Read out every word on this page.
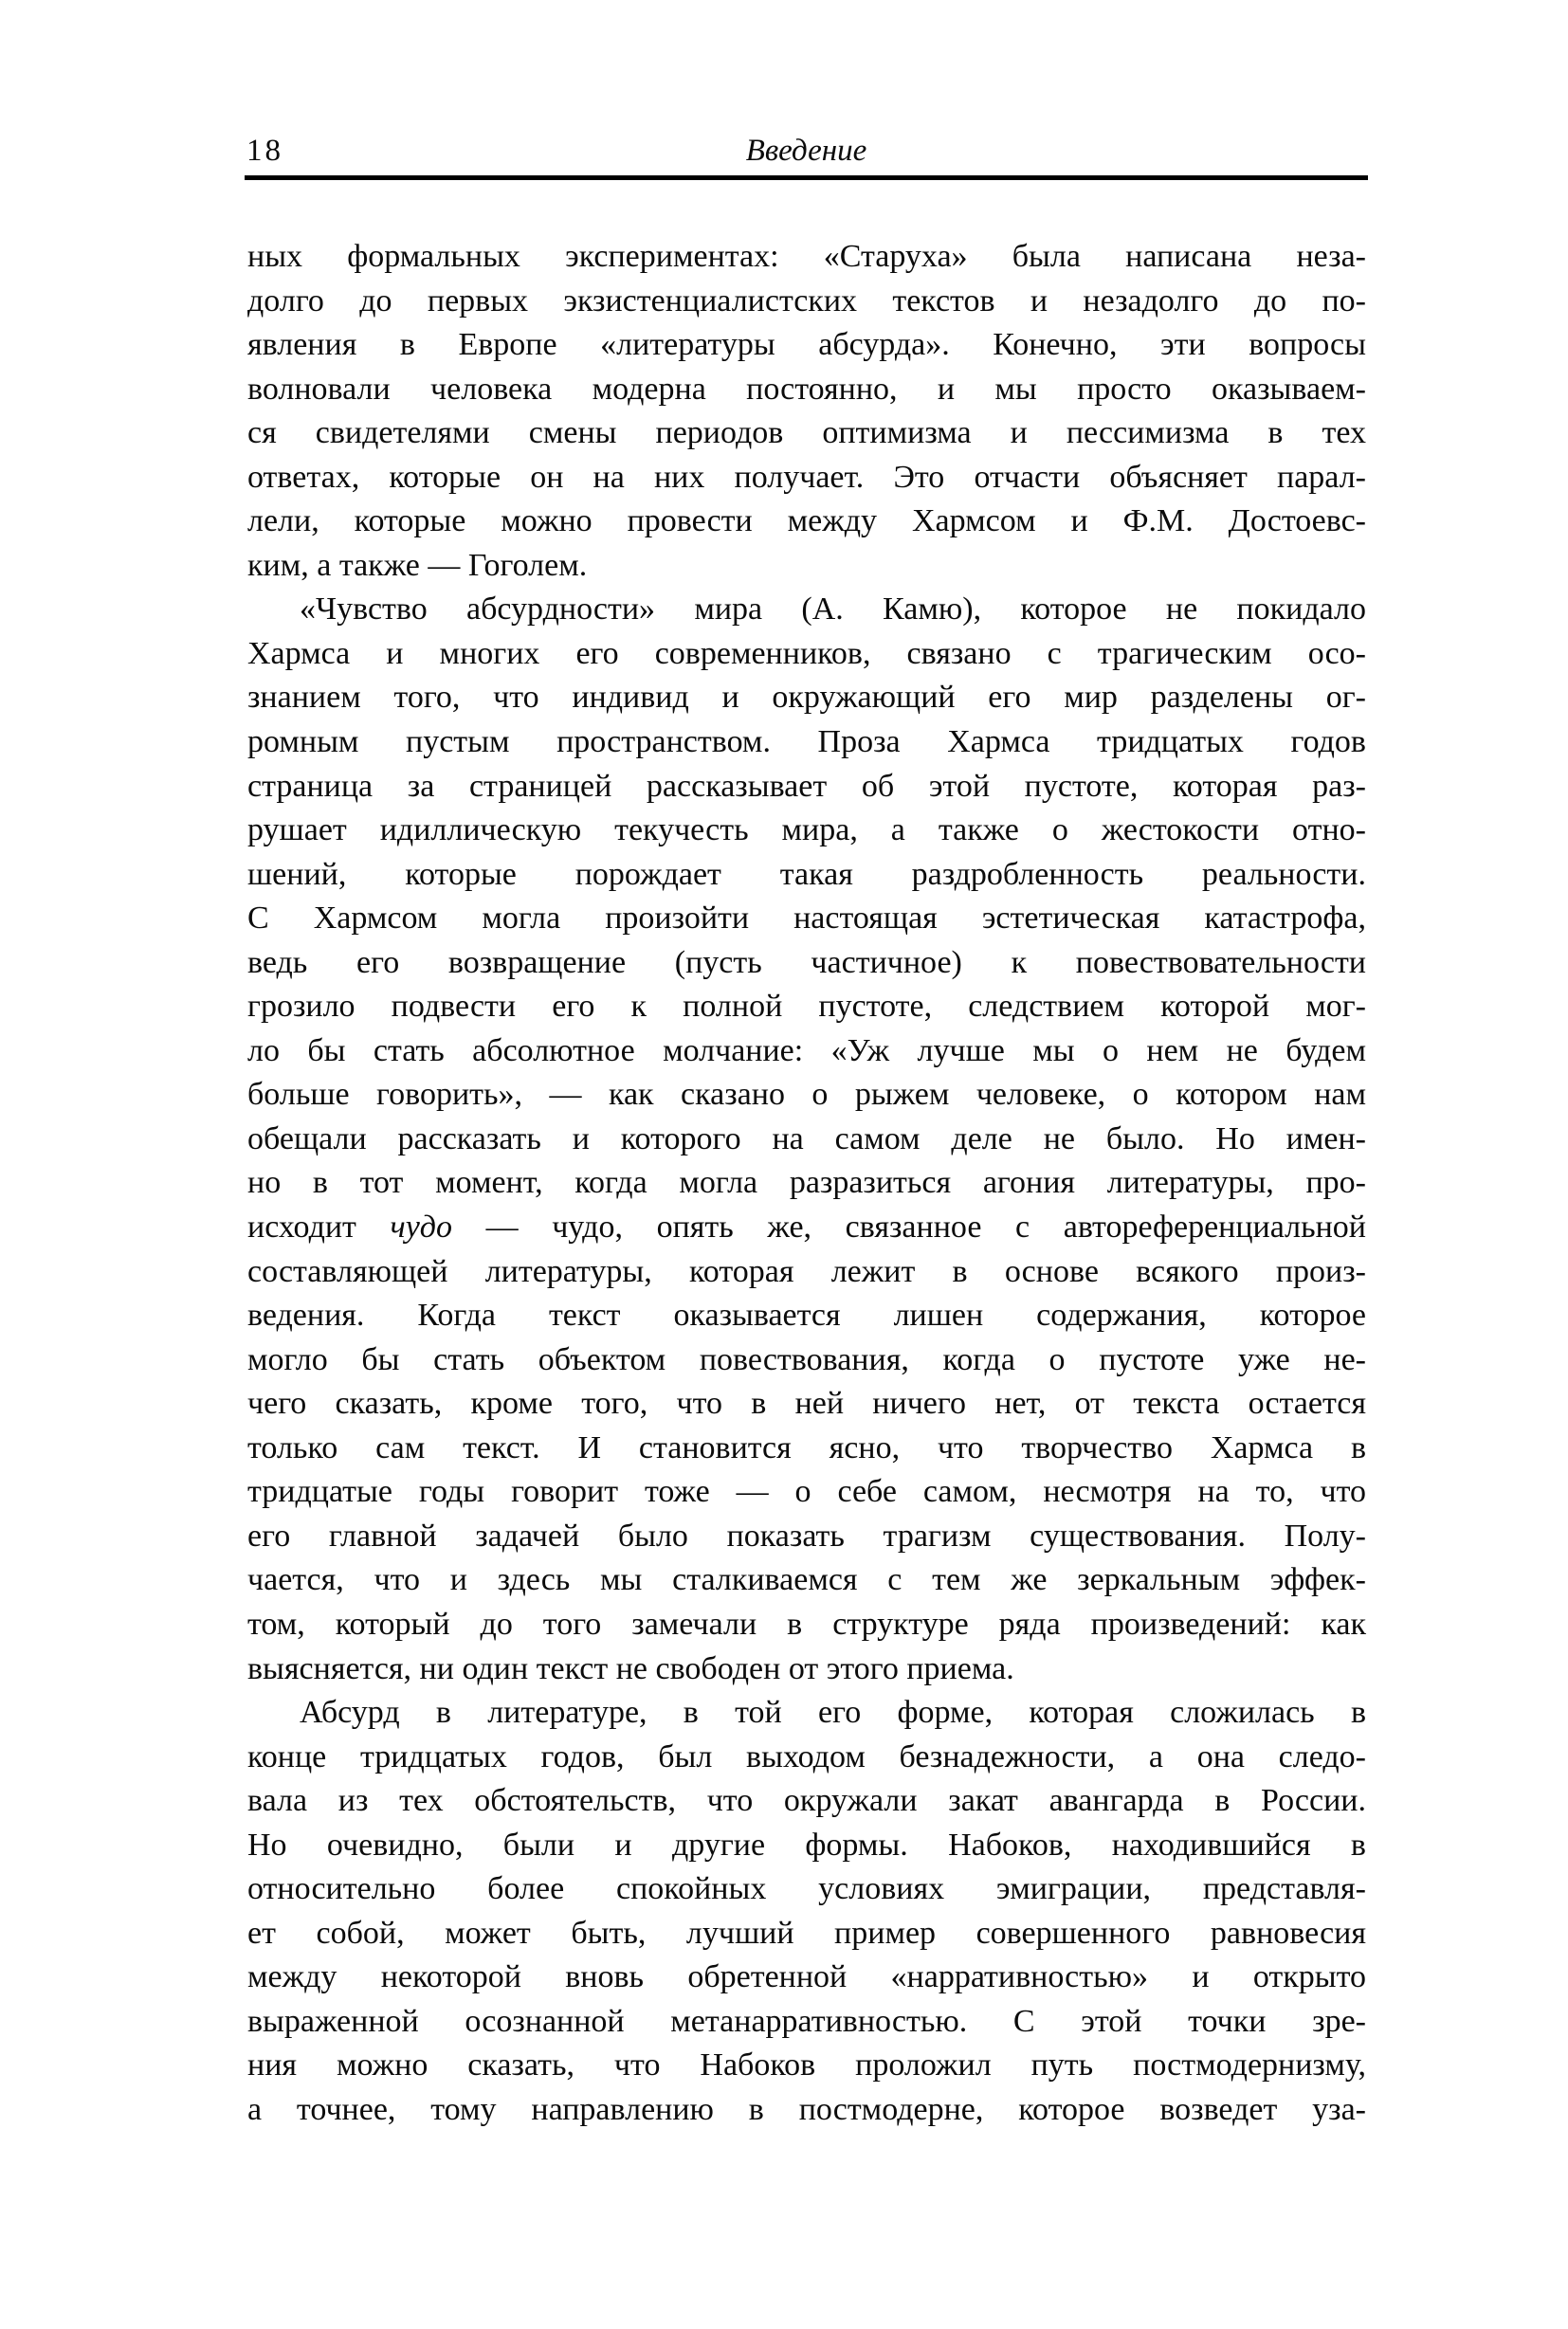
18	Введение
ных формальных экспериментах: «Старуха» была написана неза-
долго до первых экзистенциалистских текстов и незадолго до по-
явления в Европе «литературы абсурда». Конечно, эти вопросы
волновали человека модерна постоянно, и мы просто оказываем-
ся свидетелями смены периодов оптимизма и пессимизма в тех
ответах, которые он на них получает. Это отчасти объясняет парал-
лели, которые можно провести между Хармсом и Ф.М. Достоевс-
ким, а также — Гоголем.
«Чувство абсурдности» мира (А. Камю), которое не покидало
Хармса и многих его современников, связано с трагическим осо-
знанием того, что индивид и окружающий его мир разделены ог-
ромным пустым пространством. Проза Хармса тридцатых годов
страница за страницей рассказывает об этой пустоте, которая раз-
рушает идиллическую текучесть мира, а также о жестокости отно-
шений, которые порождает такая раздробленность реальности.
С Хармсом могла произойти настоящая эстетическая катастрофа,
ведь его возвращение (пусть частичное) к повествовательности
грозило подвести его к полной пустоте, следствием которой мог-
ло бы стать абсолютное молчание: «Уж лучше мы о нем не будем
больше говорить», — как сказано о рыжем человеке, о котором нам
обещали рассказать и которого на самом деле не было. Но имен-
но в тот момент, когда могла разразиться агония литературы, про-
исходит чудо — чудо, опять же, связанное с автореференциальной
составляющей литературы, которая лежит в основе всякого произ-
ведения. Когда текст оказывается лишен содержания, которое
могло бы стать объектом повествования, когда о пустоте уже не-
чего сказать, кроме того, что в ней ничего нет, от текста остается
только сам текст. И становится ясно, что творчество Хармса в
тридцатые годы говорит тоже — о себе самом, несмотря на то, что
его главной задачей было показать трагизм существования. Полу-
чается, что и здесь мы сталкиваемся с тем же зеркальным эффек-
том, который до того замечали в структуре ряда произведений: как
выясняется, ни один текст не свободен от этого приема.
Абсурд в литературе, в той его форме, которая сложилась в
конце тридцатых годов, был выходом безнадежности, а она следо-
вала из тех обстоятельств, что окружали закат авангарда в России.
Но очевидно, были и другие формы. Набоков, находившийся в
относительно более спокойных условиях эмиграции, представля-
ет собой, может быть, лучший пример совершенного равновесия
между некоторой вновь обретенной «нарративностью» и открыто
выраженной осознанной метанарративностью. С этой точки зре-
ния можно сказать, что Набоков проложил путь постмодернизму,
а точнее, тому направлению в постмодерне, которое возведет уза-
